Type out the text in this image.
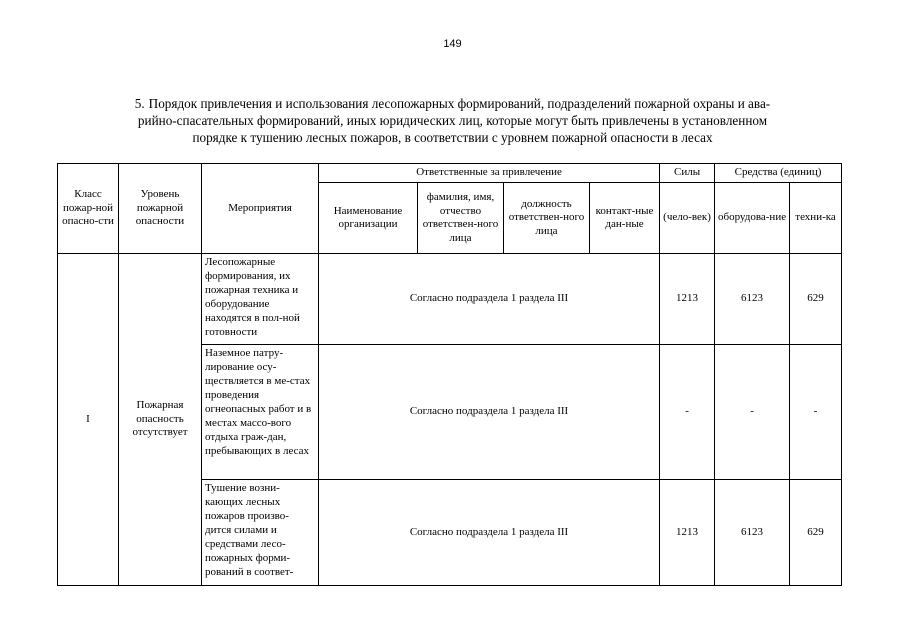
149
5. Порядок привлечения и использования лесопожарных формирований, подразделений пожарной охраны и ава-
рийно-спасательных формирований, иных юридических лиц, которые могут быть привлечены в установленном
порядке к тушению лесных пожаров, в соответствии с уровнем пожарной опасности в лесах
Класс пожар-ной опасно-сти	Уровень пожарной опасности	Мероприятия	Ответственные за привлечение				Силы	Средства (единиц)	
			Наименование организации	фамилия, имя, отчество ответствен-ного лица	должность ответствен-ного лица	контакт-ные дан-ные	(чело-век)	оборудова-ние	техни-ка
I	Пожарная опасность отсутствует	Лесопожарные формирования, их пожарная техника и оборудование находятся в пол-ной готовности	Согласно подраздела 1 раздела III				1213	6123	629
		Наземное патру-лирование осу-ществляется в ме-стах проведения огнеопасных работ и в местах массо-вого отдыха граж-дан, пребывающих в лесах	Согласно подраздела 1 раздела III				-	-	-

		Тушение возни-кающих лесных пожаров произво-дится силами и средствами лесо-пожарных форми-рований в соответ-	Согласно подраздела 1 раздела III				1213	6123	629
